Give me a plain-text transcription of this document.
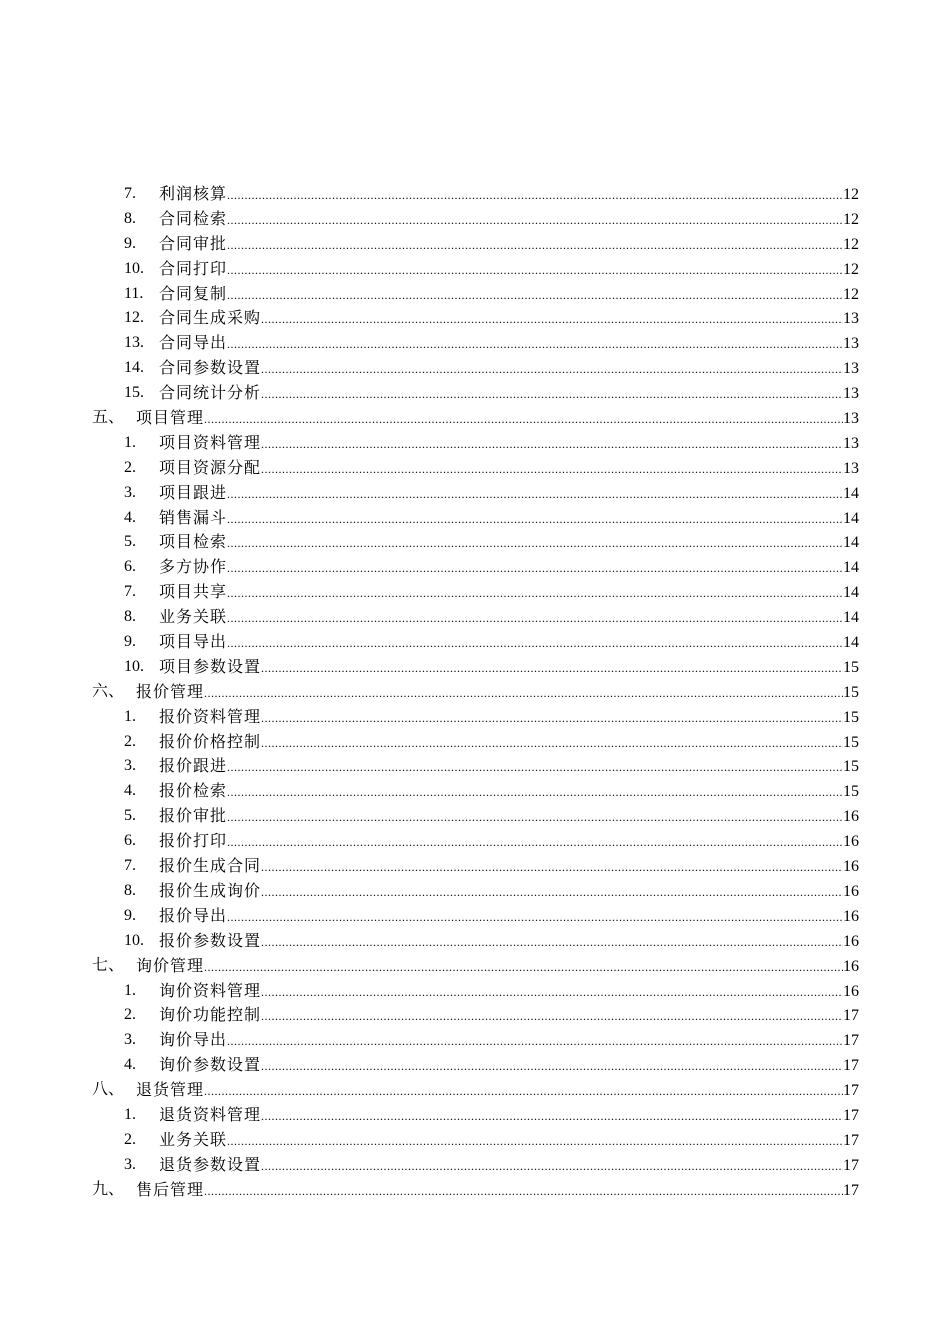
7. 利润核算 .....	12
8. 合同检索 .....	12
9. 合同审批 .....	12
10. 合同打印 .....	12
11. 合同复制 .....	12
12. 合同生成采购 .....	13
13. 合同导出 .....	13
14. 合同参数设置 .....	13
15. 合同统计分析 .....	13
五、 项目管理 .....	13
1. 项目资料管理 .....	13
2. 项目资源分配 .....	13
3. 项目跟进 .....	14
4. 销售漏斗 .....	14
5. 项目检索 .....	14
6. 多方协作 .....	14
7. 项目共享 .....	14
8. 业务关联 .....	14
9. 项目导出 .....	14
10. 项目参数设置 .....	15
六、 报价管理 .....	15
1. 报价资料管理 .....	15
2. 报价价格控制 .....	15
3. 报价跟进 .....	15
4. 报价检索 .....	15
5. 报价审批 .....	16
6. 报价打印 .....	16
7. 报价生成合同 .....	16
8. 报价生成询价 .....	16
9. 报价导出 .....	16
10. 报价参数设置 .....	16
七、 询价管理 .....	16
1. 询价资料管理 .....	16
2. 询价功能控制 .....	17
3. 询价导出 .....	17
4. 询价参数设置 .....	17
八、 退货管理 .....	17
1. 退货资料管理 .....	17
2. 业务关联 .....	17
3. 退货参数设置 .....	17
九、 售后管理 .....	17
